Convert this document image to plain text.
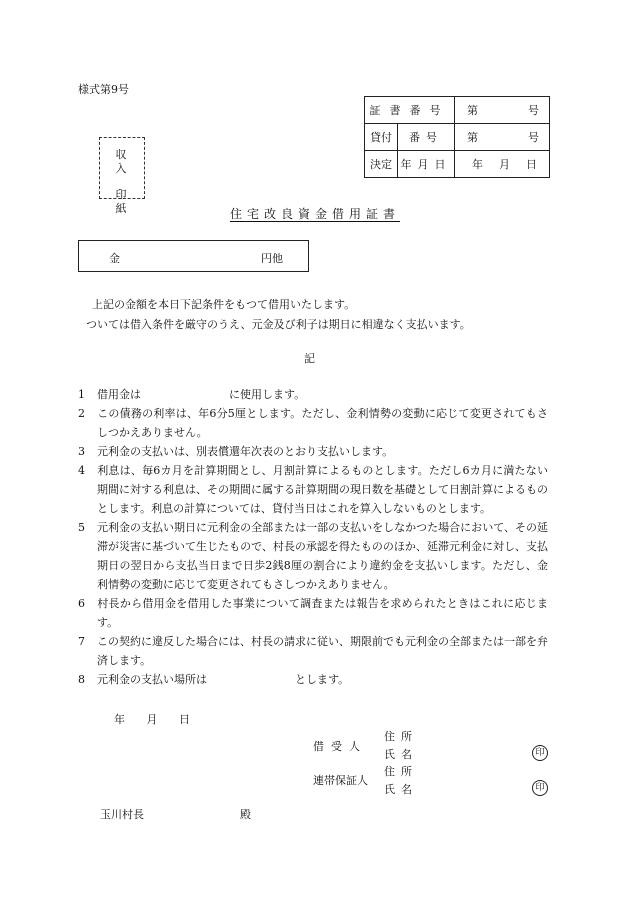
様式第9号
証書番号		第 号

貸付	番号	第 号

決定	年月日	年 月 日
収入
印紙	住宅改良資金借用証書
金	円他
上記の金額を本日下記条件をもつて借用いたします。
ついては借入条件を厳守のうえ、元金及び利子は期日に相違なく支払います。
記
1 借用金は　　　　　　　　に使用します。
2 この債務の利率は、年6分5厘とします。ただし、金利情勢の変動に応じて変更されてもさしつかえありません。
3 元利金の支払いは、別表償還年次表のとおり支払いします。
4 利息は、毎6カ月を計算期間とし、月割計算によるものとします。ただし6カ月に満たない期間に対する利息は、その期間に属する計算期間の現日数を基礎として日割計算によるものとします。利息の計算については、貸付当日はこれを算入しないものとします。
5 元利金の支払い期日に元利金の全部または一部の支払いをしなかつた場合において、その延滞が災害に基づいて生じたもので、村長の承認を得たもののほか、延滞元利金に対し、支払期日の翌日から支払当日まで日歩2銭8厘の割合により違約金を支払いします。ただし、金利情勢の変動に応じて変更されてもさしつかえありません。
6 村長から借用金を借用した事業について調査または報告を求められたときはこれに応じます。
7 この契約に違反した場合には、村長の請求に従い、期限前でも元利金の全部または一部を弁済します。
8 元利金の支払い場所は　　　　　　　　とします。
年 月 日
借受人
住所
氏名	印
連帯保証人
住所
氏名	印
玉川村長	殿
